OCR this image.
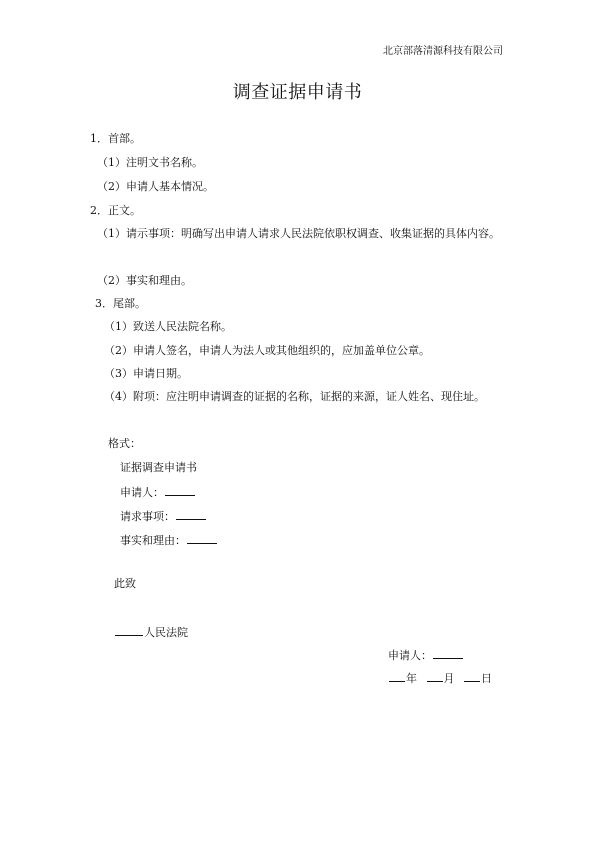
北京部落清源科技有限公司
调查证据申请书
1．首部。
（1）注明文书名称。
（2）申请人基本情况。
2．正文。
（1）请示事项：明确写出申请人请求人民法院依职权调查、收集证据的具体内容。
（2）事实和理由。
3．尾部。
（1）致送人民法院名称。
（2）申请人签名，申请人为法人或其他组织的，应加盖单位公章。
（3）申请日期。
（4）附项：应注明申请调查的证据的名称，证据的来源，证人姓名、现住址。
格式：
证据调查申请书
申请人：
请求事项：
事实和理由：
此致
人民法院
申请人：
年 月 日
